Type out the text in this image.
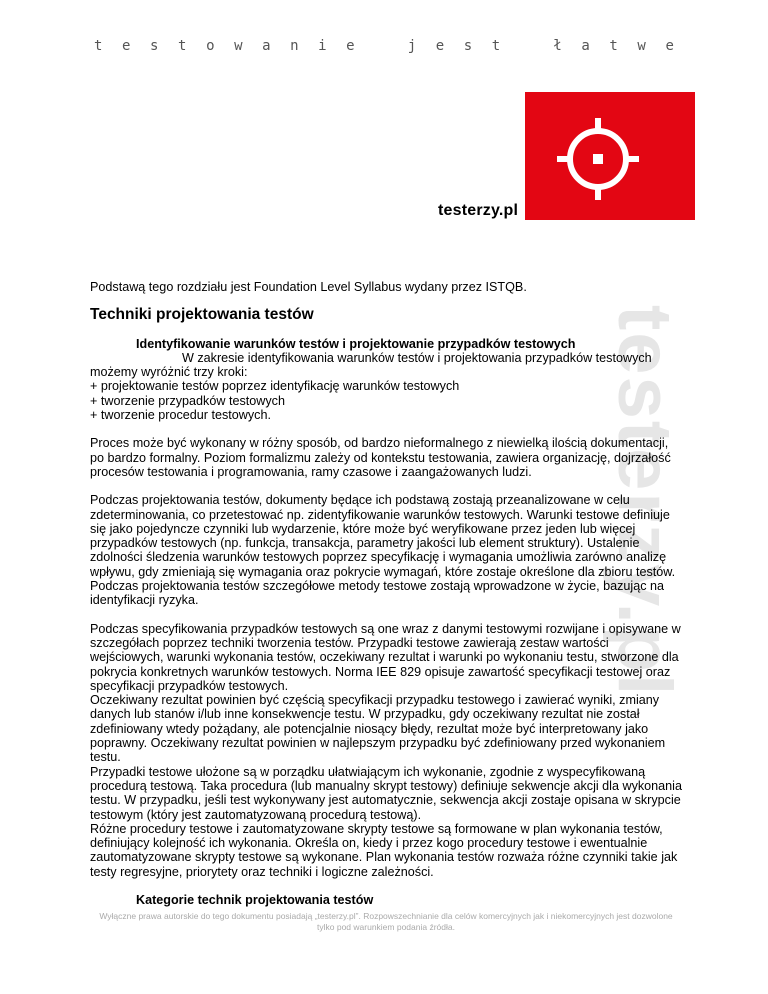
t e s t o w a n i e	j e s t	ł a t w e
testerzy.pl
testerzy.pl

Podstawą tego rozdziału jest Foundation Level Syllabus wydany przez ISTQB.

Techniki projektowania testów
Identyfikowanie warunków testów i projektowanie przypadków testowych

W zakresie identyfikowania warunków testów i projektowania przypadków testowych możemy wyróżnić trzy kroki:

+ projektowanie testów poprzez identyfikację warunków testowych

+ tworzenie przypadków testowych

+ tworzenie procedur testowych.

Proces może być wykonany w różny sposób, od bardzo nieformalnego z niewielką ilością dokumentacji, po bardzo formalny. Poziom formalizmu zależy od kontekstu testowania, zawiera organizację, dojrzałość procesów testowania i programowania, ramy czasowe i zaangażowanych ludzi.

Podczas projektowania testów, dokumenty będące ich podstawą zostają przeanalizowane w celu zdeterminowania, co przetestować np. zidentyfikowanie warunków testowych. Warunki testowe definiuje się jako pojedyncze czynniki lub wydarzenie, które może być weryfikowane przez jeden lub więcej przypadków testowych (np. funkcja, transakcja, parametry jakości lub element struktury). Ustalenie zdolności śledzenia warunków testowych poprzez specyfikację i wymagania umożliwia zarówno analizę wpływu, gdy zmieniają się wymagania oraz pokrycie wymagań, które zostaje określone dla zbioru testów. Podczas projektowania testów szczegółowe metody testowe zostają wprowadzone w życie, bazując na identyfikacji ryzyka.

Podczas specyfikowania przypadków testowych są one wraz z danymi testowymi rozwijane i opisywane w szczegółach poprzez techniki tworzenia testów. Przypadki testowe zawierają zestaw wartości wejściowych, warunki wykonania testów, oczekiwany rezultat i warunki po wykonaniu testu, stworzone dla pokrycia konkretnych warunków testowych. Norma IEE 829 opisuje zawartość specyfikacji testowej oraz specyfikacji przypadków testowych.

Oczekiwany rezultat powinien być częścią specyfikacji przypadku testowego i zawierać wyniki, zmiany danych lub stanów i/lub inne konsekwencje testu. W przypadku, gdy oczekiwany rezultat nie został zdefiniowany wtedy pożądany, ale potencjalnie niosący błędy, rezultat może być interpretowany jako poprawny. Oczekiwany rezultat powinien w najlepszym przypadku być zdefiniowany przed wykonaniem testu.

Przypadki testowe ułożone są w porządku ułatwiającym ich wykonanie, zgodnie z wyspecyfikowaną procedurą testową. Taka procedura (lub manualny skrypt testowy) definiuje sekwencje akcji dla wykonania testu. W przypadku, jeśli test wykonywany jest automatycznie, sekwencja akcji zostaje opisana w skrypcie testowym (który jest zautomatyzowaną procedurą testową).

Różne procedury testowe i zautomatyzowane skrypty testowe są formowane w plan wykonania testów, definiujący kolejność ich wykonania. Określa on, kiedy i przez kogo procedury testowe i ewentualnie zautomatyzowane skrypty testowe są wykonane. Plan wykonania testów rozważa różne czynniki takie jak testy regresyjne, priorytety oraz techniki i logiczne zależności.

Kategorie technik projektowania testów
Wyłączne prawa autorskie do tego dokumentu posiadają „testerzy.pl”. Rozpowszechnianie dla celów komercyjnych jak i niekomercyjnych jest dozwolone tylko pod warunkiem podania źródła.
